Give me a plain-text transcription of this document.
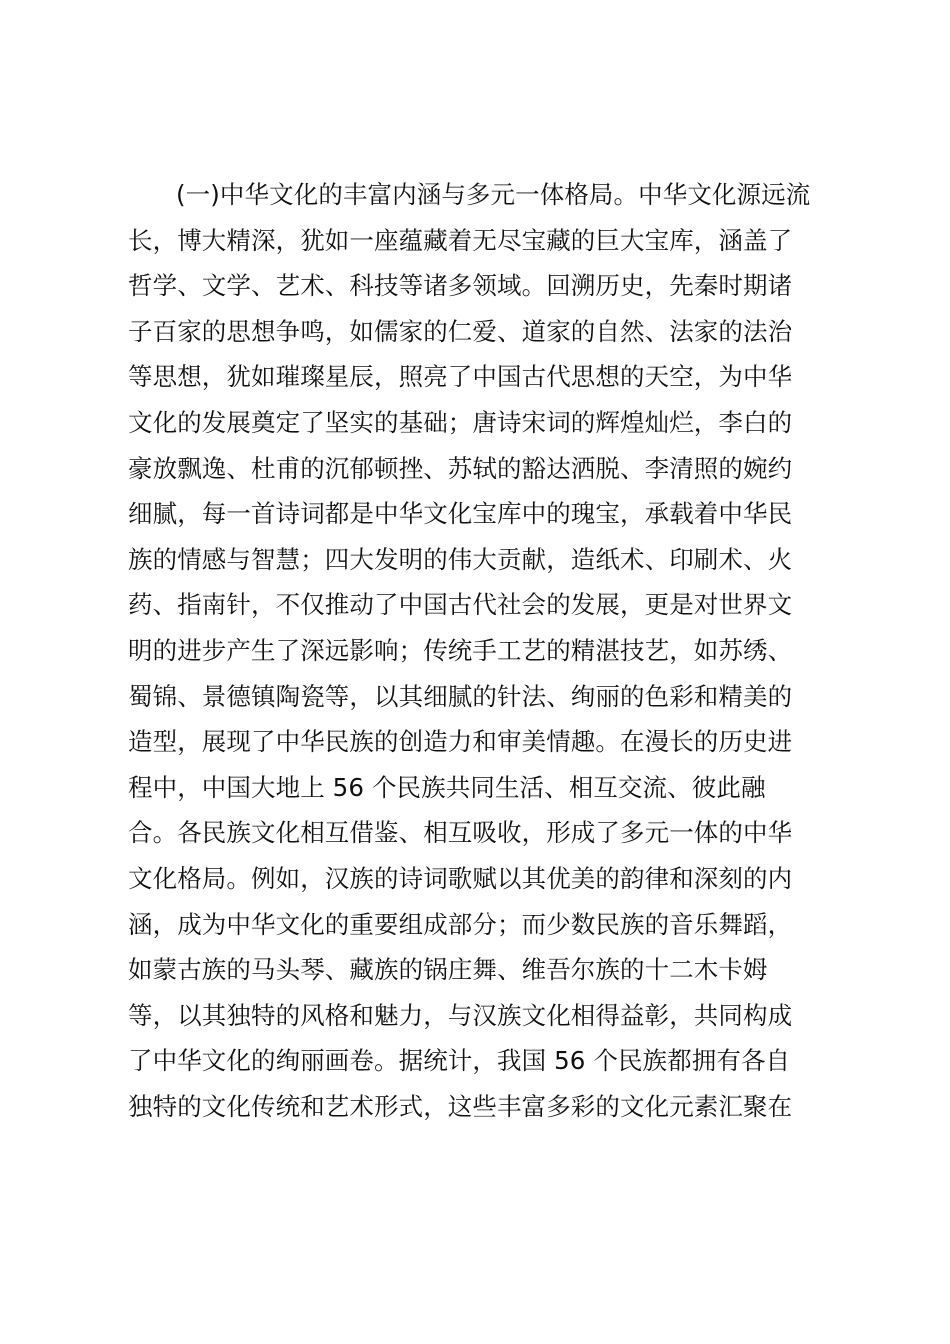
(一)中华文化的丰富内涵与多元一体格局。中华文化源远流
长，博大精深，犹如一座蕴藏着无尽宝藏的巨大宝库，涵盖了
哲学、文学、艺术、科技等诸多领域。回溯历史，先秦时期诸
子百家的思想争鸣，如儒家的仁爱、道家的自然、法家的法治
等思想，犹如璀璨星辰，照亮了中国古代思想的天空，为中华
文化的发展奠定了坚实的基础；唐诗宋词的辉煌灿烂，李白的
豪放飘逸、杜甫的沉郁顿挫、苏轼的豁达洒脱、李清照的婉约
细腻，每一首诗词都是中华文化宝库中的瑰宝，承载着中华民
族的情感与智慧；四大发明的伟大贡献，造纸术、印刷术、火
药、指南针，不仅推动了中国古代社会的发展，更是对世界文
明的进步产生了深远影响；传统手工艺的精湛技艺，如苏绣、
蜀锦、景德镇陶瓷等，以其细腻的针法、绚丽的色彩和精美的
造型，展现了中华民族的创造力和审美情趣。在漫长的历史进
程中，中国大地上 56 个民族共同生活、相互交流、彼此融
合。各民族文化相互借鉴、相互吸收，形成了多元一体的中华
文化格局。例如，汉族的诗词歌赋以其优美的韵律和深刻的内
涵，成为中华文化的重要组成部分；而少数民族的音乐舞蹈，
如蒙古族的马头琴、藏族的锅庄舞、维吾尔族的十二木卡姆
等，以其独特的风格和魅力，与汉族文化相得益彰，共同构成
了中华文化的绚丽画卷。据统计，我国 56 个民族都拥有各自
独特的文化传统和艺术形式，这些丰富多彩的文化元素汇聚在
